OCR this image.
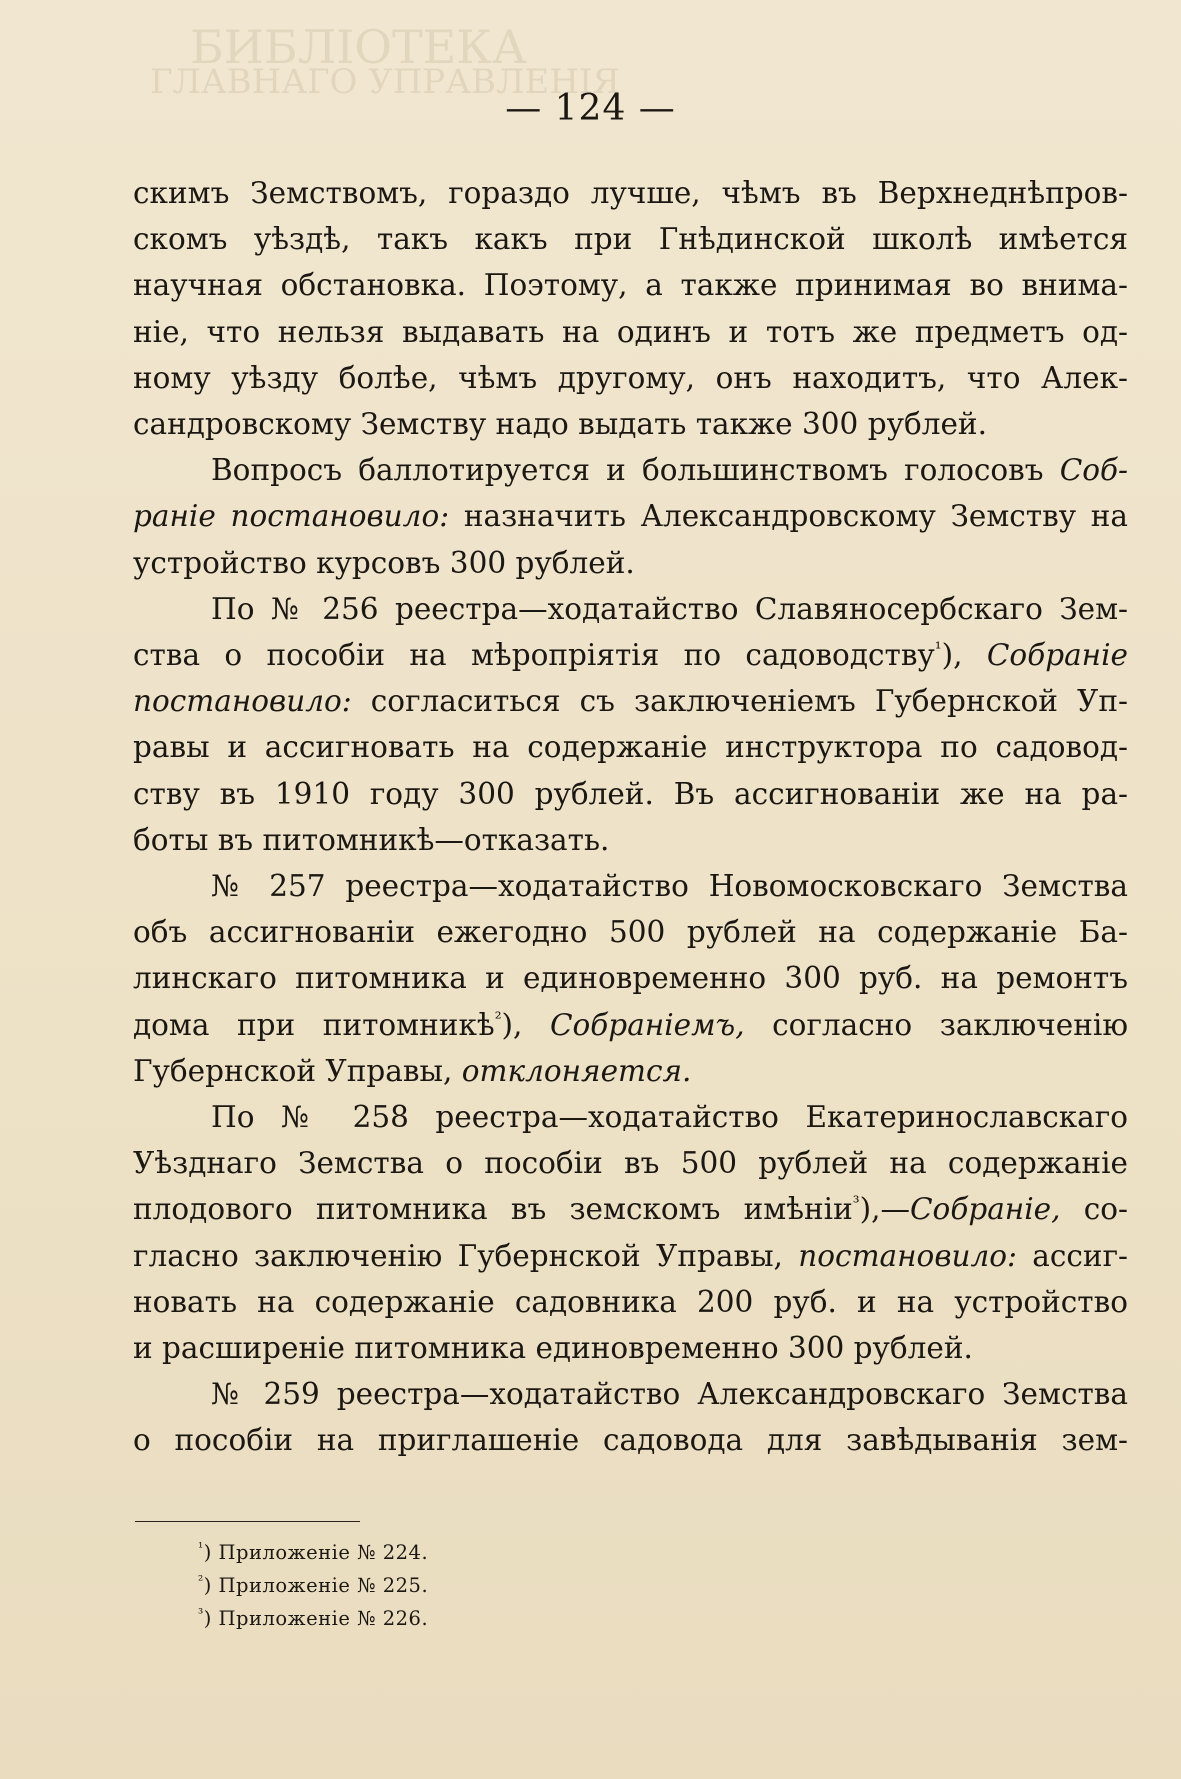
БИБЛIОТЕКА
ГЛАВНАГО УПРАВЛЕНIЯ
— 124 —

скимъ Земствомъ, гораздо лучше, чѣмъ въ Верхнеднѣпров-
скомъ уѣздѣ, такъ какъ при Гнѣдинской школѣ имѣется
научная обстановка. Поэтому, а также принимая во внима-
нiе, что нельзя выдавать на одинъ и тотъ же предметъ од-
ному уѣзду болѣе, чѣмъ другому, онъ находитъ, что Алек-
сандровскому Земству надо выдать также 300 рублей.

Вопросъ баллотируется и большинствомъ голосовъ Соб-
ранiе постановило: назначить Александровскому Земству на
устройство курсовъ 300 рублей.

По № 256 реестра—ходатайство Славяносербскаго Зем-
ства о пособiи на мѣропрiятiя по садоводству$^{^1}$), Собранiе
постановило: согласиться съ заключенiемъ Губернской Уп-
равы и ассигновать на содержанiе инструктора по садовод-
ству въ 1910 году 300 рублей. Въ ассигнованiи же на ра-
боты въ питомникѣ—отказать.

№ 257 реестра—ходатайство Новомосковскаго Земства
объ ассигнованiи ежегодно 500 рублей на содержанiе Ба-
линскаго питомника и единовременно 300 руб. на ремонтъ
дома при питомникѣ$^{^2}$), Собранiемъ, согласно заключенiю
Губернской Управы, отклоняется.

По № 258 реестра—ходатайство Екатеринославскаго
Уѣзднаго Земства о пособiи въ 500 рублей на содержанiе
плодового питомника въ земскомъ имѣнiи$^{^3}$),—Собранiе, со-
гласно заключенiю Губернской Управы, постановило: ассиг-
новать на содержанiе садовника 200 руб. и на устройство
и расширенiе питомника единовременно 300 рублей.

№ 259 реестра—ходатайство Александровскаго Земства
о пособiи на приглашенiе садовода для завѣдыванiя зем-

$^{^1}$) Приложенiе № 224.
$^{^2}$) Приложенiе № 225.
$^{^3}$) Приложенiе № 226.
